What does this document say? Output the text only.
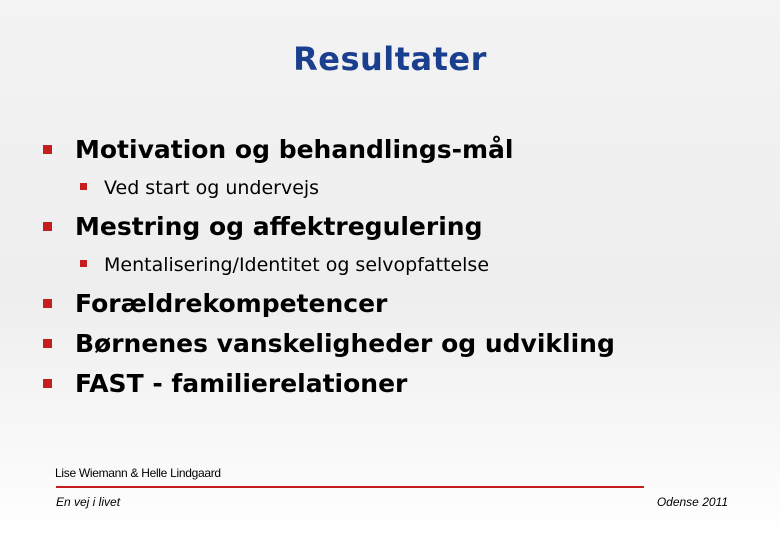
Resultater
Motivation og behandlings-mål
Ved start og undervejs
Mestring og affektregulering
Mentalisering/Identitet og selvopfattelse
Forældrekompetencer
Børnenes vanskeligheder og udvikling
FAST - familierelationer
Lise Wiemann & Helle Lindgaard
En vej i livet	Odense 2011
